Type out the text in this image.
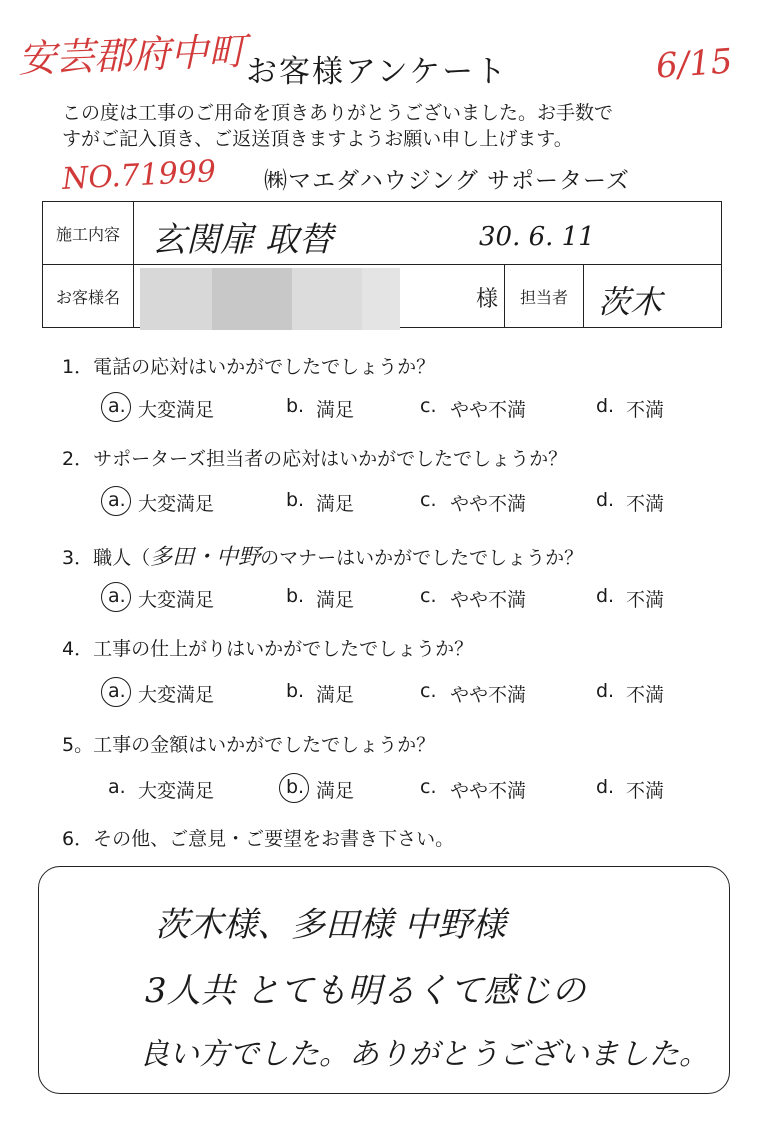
安芸郡府中町	6/15
お客様アンケート
この度は工事のご用命を頂きありがとうございました。お手数で
すがご記入頂き、ご返送頂きますようお願い申し上げます。
NO.71999 ㈱マエダハウジング サポーターズ
施工内容	玄関扉 取替 30. 6. 11		

お客様名	様	担当者	茨木
1．電話の応対はいかがでしたでしょうか？
2．サポーターズ担当者の応対はいかがでしたでしょうか？
3．職人（多田・中野のマナーはいかがでしたでしょうか？
4．工事の仕上がりはいかがでしたでしょうか？
5。工事の金額はいかがでしたでしょうか？
a. 大変満足	b. 満足	c. やや不満	d. 不満
a. 大変満足	b. 満足	c. やや不満	d. 不満
a. 大変満足	b. 満足	c. やや不満	d. 不満
a. 大変満足	b. 満足	c. やや不満	d. 不満
a. 大変満足	b. 満足	c. やや不満	d. 不満
6．その他、ご意見・ご要望をお書き下さい。
茨木様、多田様 中野様
3人共 とても明るくて感じの
良い方でした。ありがとうございました。
